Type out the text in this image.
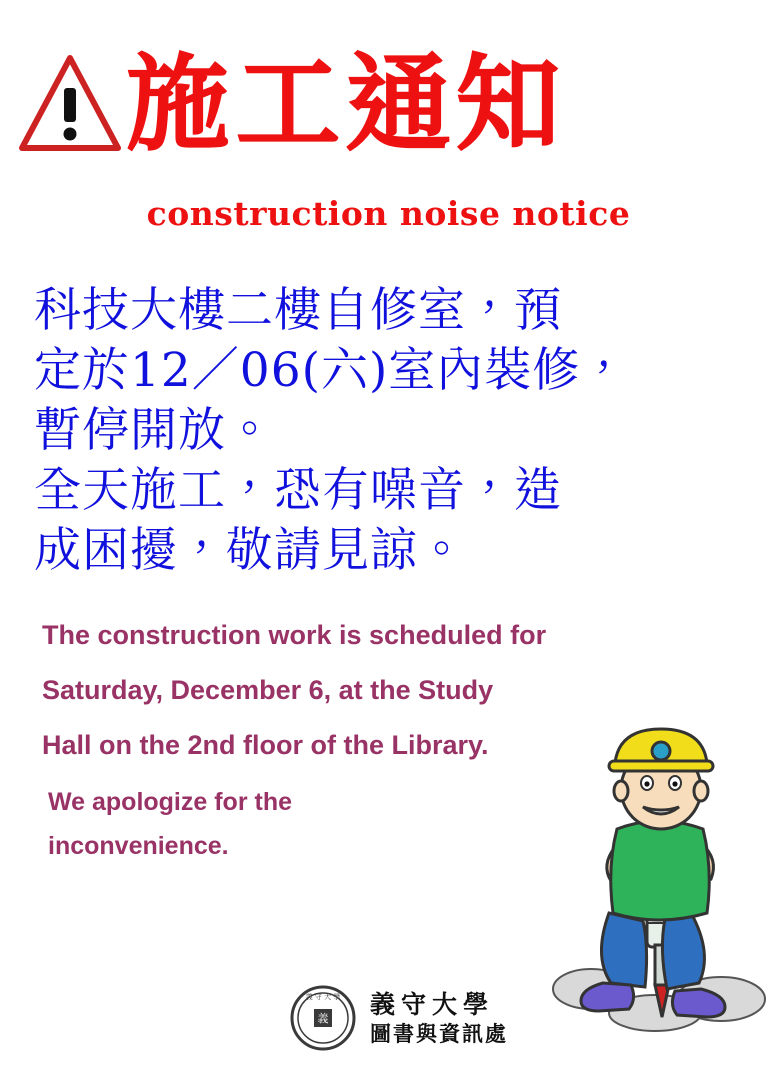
施工通知
construction noise notice

科技大樓二樓自修室，預

定於12／06(六)室內裝修，

暫停開放。

全天施工，恐有噪音，造

成困擾，敬請見諒。

The construction work is scheduled for

Saturday, December 6, at the Study

Hall on the 2nd floor of the Library.

We apologize for the

inconvenience.

義
義 守 大 學 義守大學
圖書與資訊處
